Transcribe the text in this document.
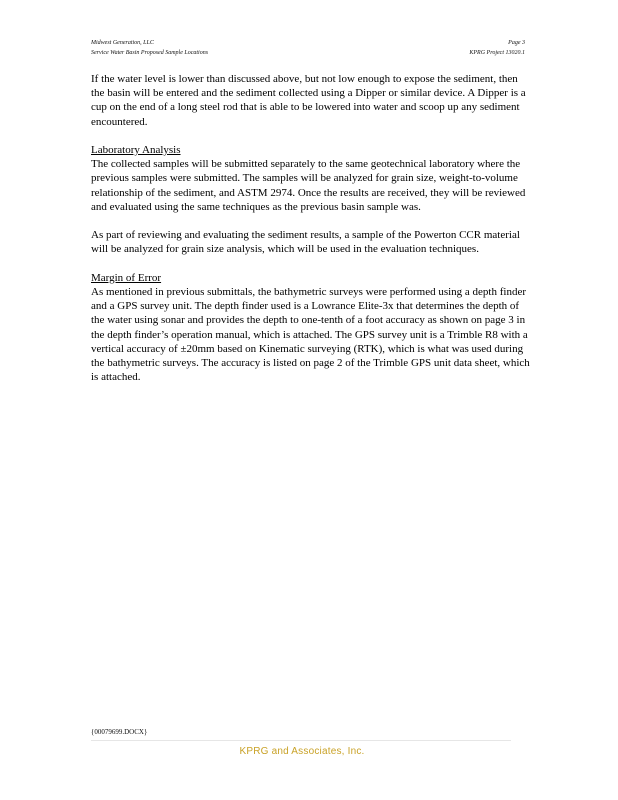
Midwest Generation, LLC
Service Water Basin Proposed Sample Locations
Page 3
KPRG Project 13020.1

If the water level is lower than discussed above, but not low enough to expose the sediment, then the basin will be entered and the sediment collected using a Dipper or similar device. A Dipper is a cup on the end of a long steel rod that is able to be lowered into water and scoop up any sediment encountered.

Laboratory Analysis

The collected samples will be submitted separately to the same geotechnical laboratory where the previous samples were submitted. The samples will be analyzed for grain size, weight-to-volume relationship of the sediment, and ASTM 2974. Once the results are received, they will be reviewed and evaluated using the same techniques as the previous basin sample was.

As part of reviewing and evaluating the sediment results, a sample of the Powerton CCR material will be analyzed for grain size analysis, which will be used in the evaluation techniques.

Margin of Error

As mentioned in previous submittals, the bathymetric surveys were performed using a depth finder and a GPS survey unit. The depth finder used is a Lowrance Elite-3x that determines the depth of the water using sonar and provides the depth to one-tenth of a foot accuracy as shown on page 3 in the depth finder’s operation manual, which is attached. The GPS survey unit is a Trimble R8 with a vertical accuracy of ±20mm based on Kinematic surveying (RTK), which is what was used during the bathymetric surveys. The accuracy is listed on page 2 of the Trimble GPS unit data sheet, which is attached.

{00079699.DOCX}
KPRG and Associates, Inc.
